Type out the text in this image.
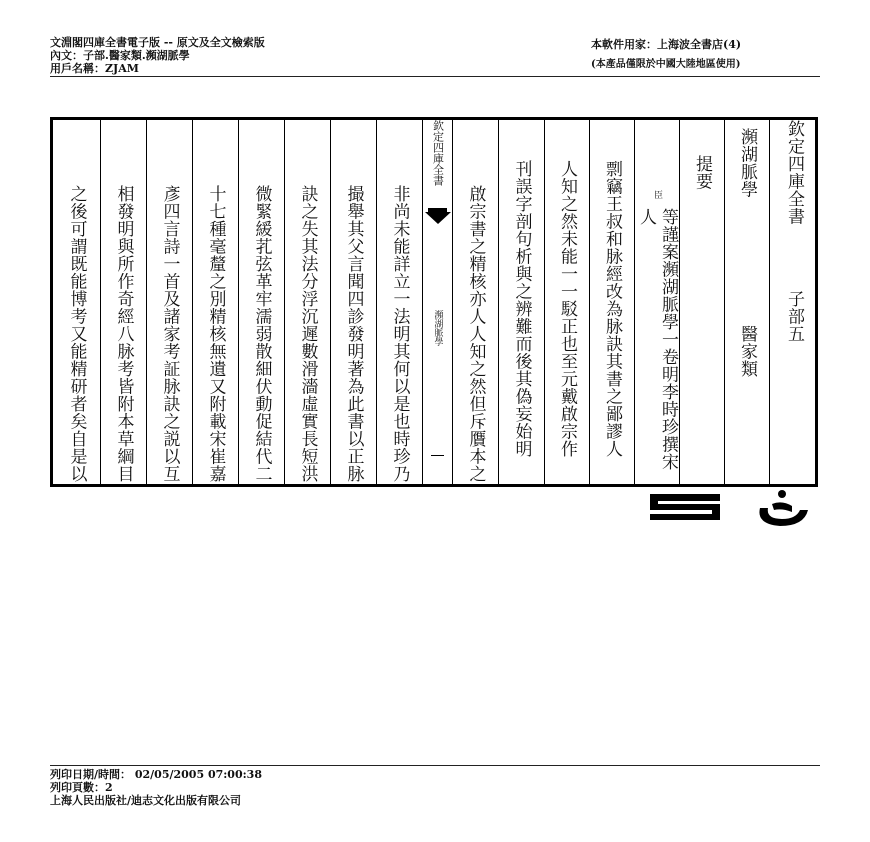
文淵閣四庫全書電子版 -- 原文及全文檢索版
內文：子部.醫家類.瀕湖脈學
用戶名稱：ZJAM
本軟件用家：上海波全書店(4)
(本產品僅限於中國大陸地區使用)
之後可謂既能博考又能精研者矣自是以	相發明與所作奇經八脉考皆附本草綱目	彥四言詩一首及諸家考証脉訣之説以互	十七種毫釐之別精核無遺又附載宋崔嘉	微緊緩芤弦革牢濡弱散細伏動促結代二	訣之失其法分浮沉遲數滑濇虛實長短洪	撮舉其父言聞四診發明著為此書以正脉	非尚未能詳立一法明其何以是也時珍乃
欽定四庫全書
瀕湖脈學	啟宗書之精核亦人人知之然但斥贋本之	刊誤字剖句析與之辨難而後其偽妄始明	人知之然未能一一駁正也至元戴啟宗作	剽竊王叔和脉經改為脉訣其書之鄙謬人	臣
等謹案瀕湖脈學一卷明李時珍撰宋人
提要	瀕湖脈學
醫家類
欽定四庫全書
子部五
列印日期/時間： 02/05/2005 07:00:38
列印頁數：2
上海人民出版社/迪志文化出版有限公司
